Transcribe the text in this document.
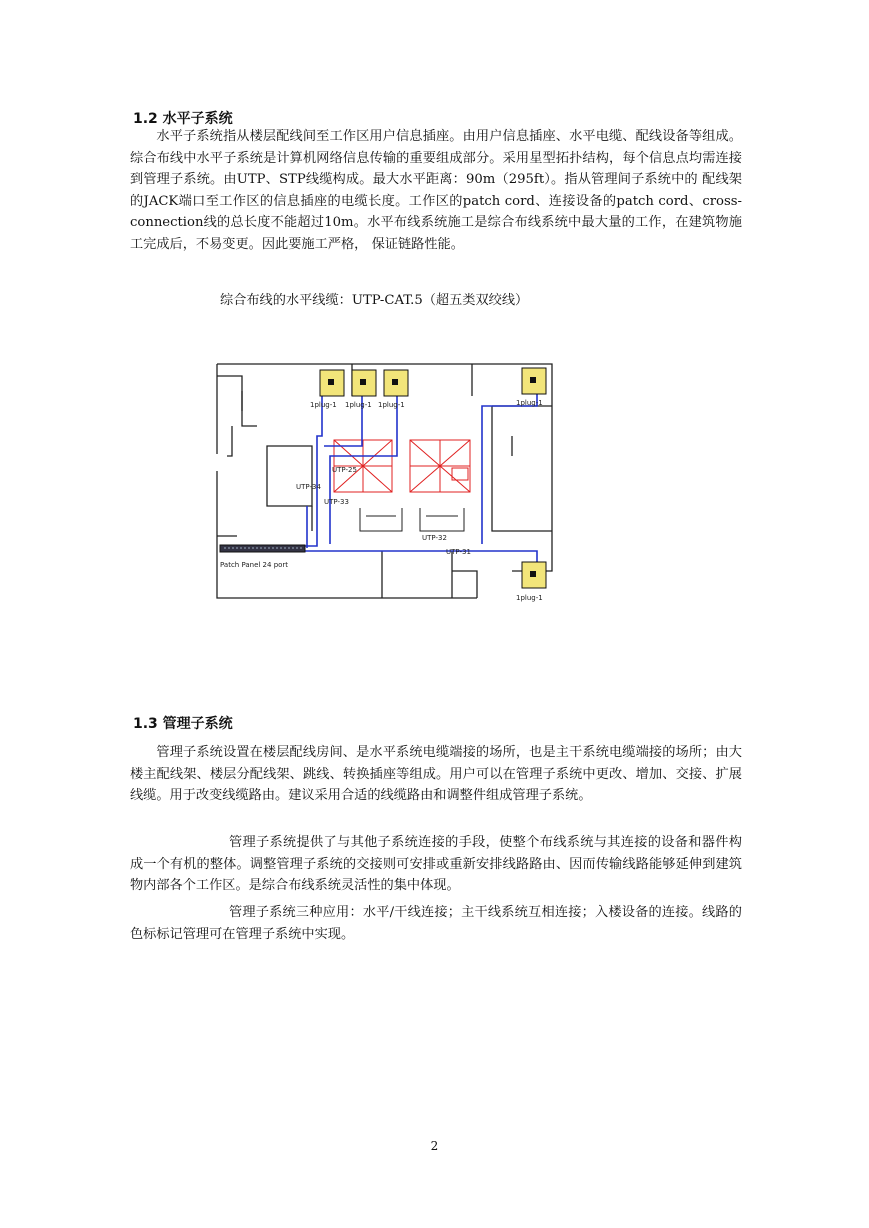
1.2 水平子系统

水平子系统指从楼层配线间至工作区用户信息插座。由用户信息插座、水平电缆、配线设备等组成。综合布线中水平子系统是计算机网络信息传输的重要组成部分。采用星型拓扑结构，每个信息点均需连接到管理子系统。由UTP、STP线缆构成。最大水平距离：90m（295ft）。指从管理间子系统中的 配线架的JACK端口至工作区的信息插座的电缆长度。工作区的patch cord、连接设备的patch cord、cross-connection线的总长度不能超过10m。水平布线系统施工是综合布线系统中最大量的工作，在建筑物施工完成后，不易变更。因此要施工严格， 保证链路性能。

综合布线的水平线缆：UTP-CAT.5（超五类双绞线）
1plug-1 1plug-1 1plug-1	1plug-1
1plug-1
UTP-25
UTP-34
UTP-33
UTP-32
UTP-31
Patch Panel 24 port
1.3 管理子系统

管理子系统设置在楼层配线房间、是水平系统电缆端接的场所，也是主干系统电缆端接的场所；由大楼主配线架、楼层分配线架、跳线、转换插座等组成。用户可以在管理子系统中更改、增加、交接、扩展线缆。用于改变线缆路由。建议采用合适的线缆路由和调整件组成管理子系统。

管理子系统提供了与其他子系统连接的手段，使整个布线系统与其连接的设备和器件构成一个有机的整体。调整管理子系统的交接则可安排或重新安排线路路由、因而传输线路能够延伸到建筑物内部各个工作区。是综合布线系统灵活性的集中体现。

管理子系统三种应用：水平/干线连接；主干线系统互相连接；入楼设备的连接。线路的色标标记管理可在管理子系统中实现。

2
